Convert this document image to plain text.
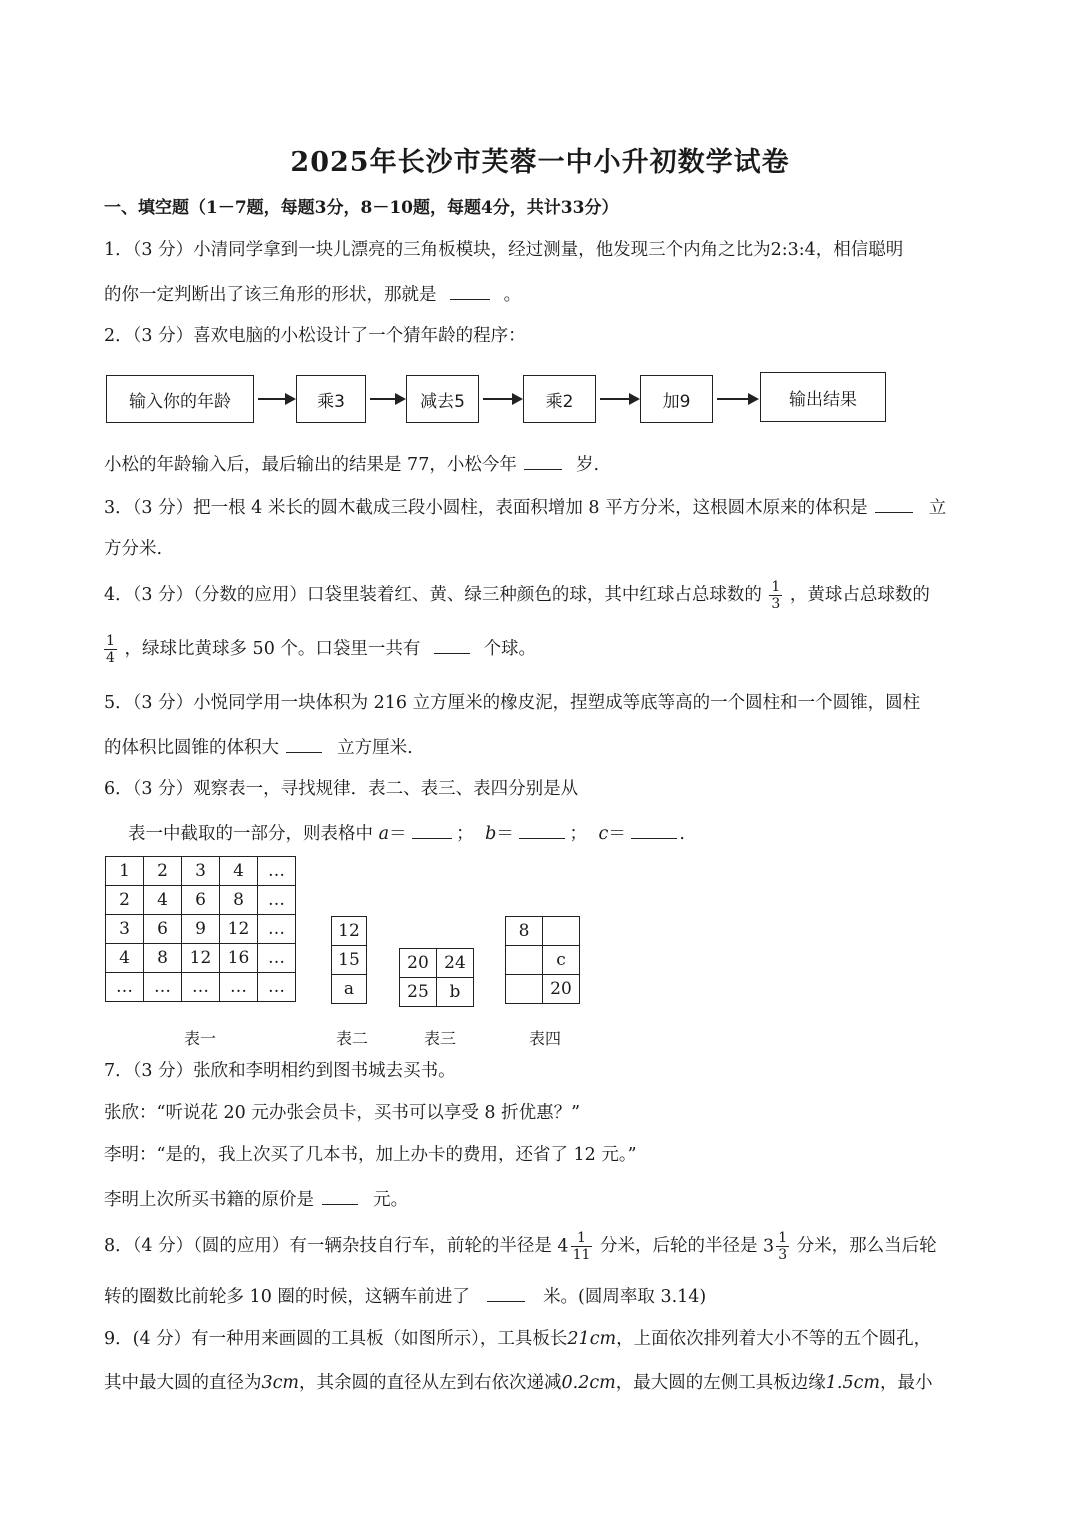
2025年长沙市芙蓉一中小升初数学试卷
一、填空题（1－7题，每题3分，8－10题，每题4分，共计33分）
1．（3 分）小清同学拿到一块儿漂亮的三角板模块，经过测量，他发现三个内角之比为2:3:4，相信聪明
的你一定判断出了该三角形的形状，那就是	。
2．（3 分）喜欢电脑的小松设计了一个猜年龄的程序：
输入你的年龄	乘3	减去5	乘2	加9	输出结果
小松的年龄输入后，最后输出的结果是 77，小松今年	岁.
3．（3 分）把一根 4 米长的圆木截成三段小圆柱，表面积增加 8 平方分米，这根圆木原来的体积是	立
方分米.
4．（3 分）（分数的应用）口袋里装着红、黄、绿三种颜色的球，其中红球占总球数的 $\frac{1}{3}$ ，黄球占总球数的
$\frac{1}{4}$ ，绿球比黄球多 50 个。口袋里一共有	个球。
5．（3 分）小悦同学用一块体积为 216 立方厘米的橡皮泥，捏塑成等底等高的一个圆柱和一个圆锥，圆柱
的体积比圆锥的体积大	立方厘米.
6．（3 分）观察表一，寻找规律．表二、表三、表四分别是从
表一中截取的一部分，则表格中 a＝	； b＝	； c＝	.
1	2	3	4	…
2	4	6	8	…
3	6	9	12	…
4	8	12	16	…
…	…	…	…	…
12
15
a
20	24
25	b
8	
	c
	20
表一	表二	表三	表四
7．（3 分）张欣和李明相约到图书城去买书。
张欣：“听说花 20 元办张会员卡，买书可以享受 8 折优惠？”
李明：“是的，我上次买了几本书，加上办卡的费用，还省了 12 元。”
李明上次所买书籍的原价是	元。
8．（4 分）（圆的应用）有一辆杂技自行车，前轮的半径是 $4 \frac{1}{11}$ 分米，后轮的半径是 $3 \frac{1}{3}$ 分米，那么当后轮
转的圈数比前轮多 10 圈的时候，这辆车前进了	米。(圆周率取 3.14)
9．(4 分）有一种用来画圆的工具板（如图所示），工具板长21cm，上面依次排列着大小不等的五个圆孔，
其中最大圆的直径为3cm，其余圆的直径从左到右依次递减0.2cm，最大圆的左侧工具板边缘1.5cm，最小
